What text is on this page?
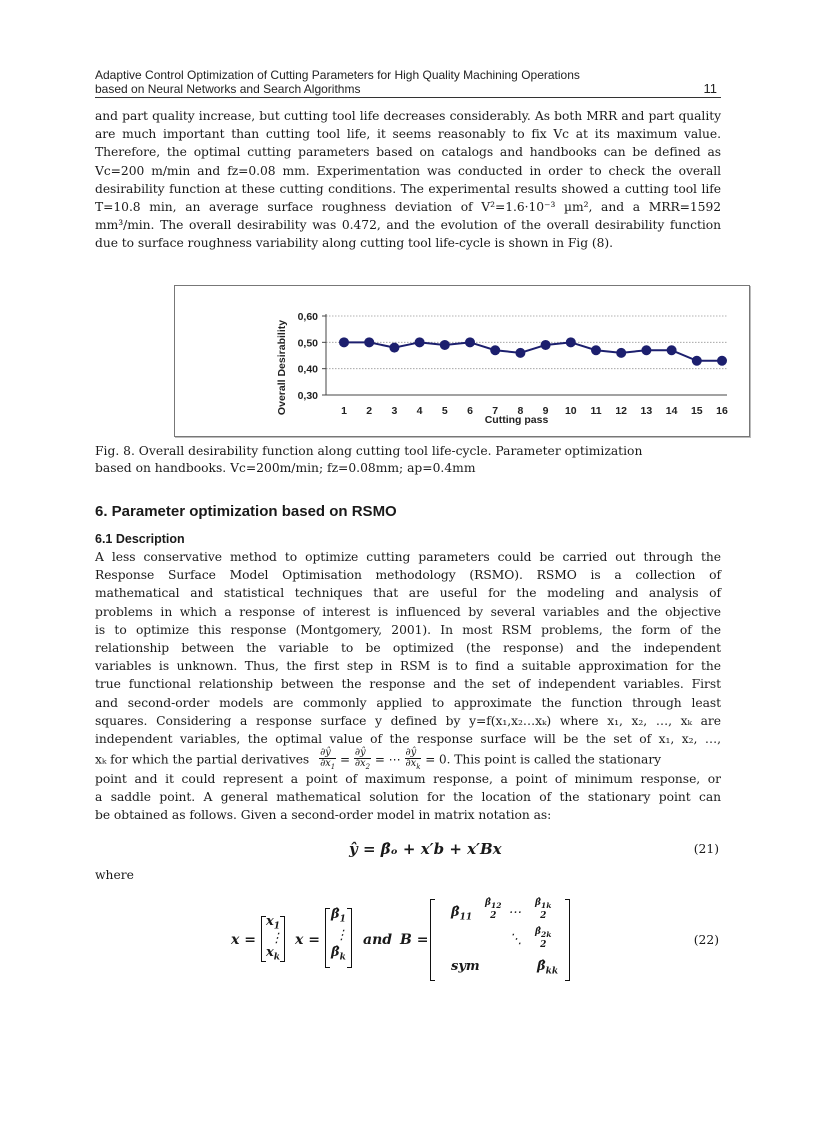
Adaptive Control Optimization of Cutting Parameters for High Quality Machining Operations
based on Neural Networks and Search Algorithms	11

and part quality increase, but cutting tool life decreases considerably. As both MRR and part quality are much important than cutting tool life, it seems reasonably to fix Vc at its maximum value. Therefore, the optimal cutting parameters based on catalogs and handbooks can be defined as Vc=200 m/min and fz=0.08 mm. Experimentation was conducted in order to check the overall desirability function at these cutting conditions. The experimental results showed a cutting tool life T=10.8 min, an average surface roughness deviation of V²=1.6·10⁻³ µm², and a MRR=1592 mm³/min. The overall desirability was 0.472, and the evolution of the overall desirability function due to surface roughness variability along cutting tool life-cycle is shown in Fig (8).

0,30
0,40
0,50
0,60
1 2 3 4 5 6 7 8 9 10 11 12 13 14 15 16
Cutting pass
Overall Desirability
Fig. 8. Overall desirability function along cutting tool life-cycle. Parameter optimization
based on handbooks. Vc=200m/min; fz=0.08mm; ap=0.4mm
6. Parameter optimization based on RSMO
6.1 Description
A less conservative method to optimize cutting parameters could be carried out through the
Response Surface Model Optimisation methodology (RSMO). RSMO is a collection of
mathematical and statistical techniques that are useful for the modeling and analysis of
problems in which a response of interest is influenced by several variables and the objective
is to optimize this response (Montgomery, 2001). In most RSM problems, the form of the
relationship between the variable to be optimized (the response) and the independent
variables is unknown. Thus, the first step in RSM is to find a suitable approximation for the
true functional relationship between the response and the set of independent variables. First
and second-order models are commonly applied to approximate the function through least
squares. Considering a response surface y defined by y=f(x₁,x₂…xₖ) where x₁, x₂, …, xₖ are
independent variables, the optimal value of the response surface will be the set of x₁, x₂, …,
xₖ for which the partial derivatives $\frac{\partial ŷ}{\partial x_1} = \frac{\partial ŷ}{\partial x_2}$ = ⋯ $\frac{\partial ŷ}{\partial x_k} = 0$. This point is called the stationary
point and it could represent a point of maximum response, a point of minimum response, or
a saddle point. A general mathematical solution for the location of the stationary point can
be obtained as follows. Given a second-order model in matrix notation as:
ŷ = β̂ₒ + x′b + x′Bx	(21)
where
x =
$x_1$
⋮
$x_k$
x =
$\betâ_1$
⋮
$\betâ_k$
and B =
$\betâ_{11}$
$\betâ_{12}$
2 … $\betâ_{1k}$
2
⋱ $\betâ_{2k}$
2
sym	$\betâ_{kk}$
(22)
